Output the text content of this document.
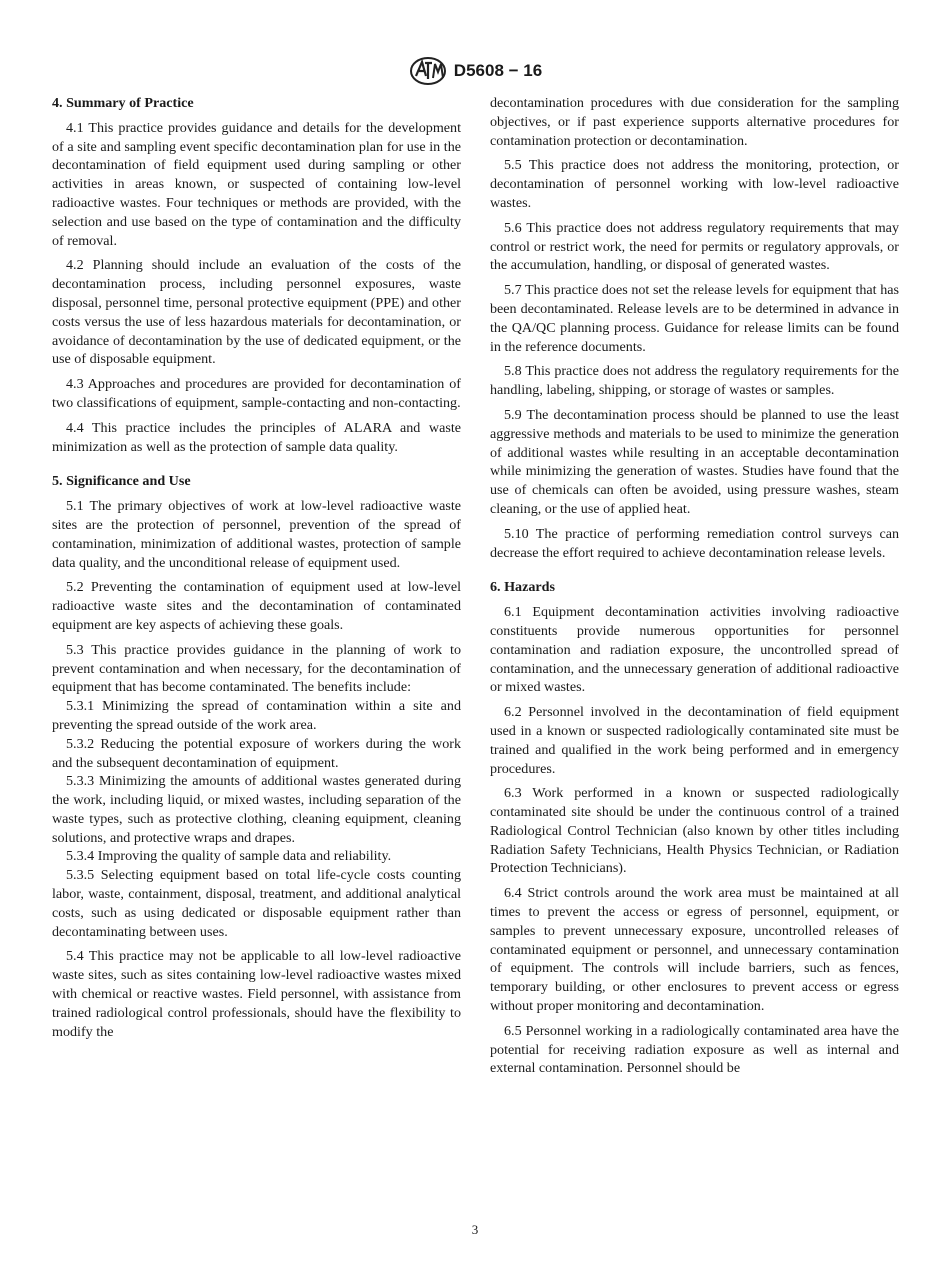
D5608 − 16
4. Summary of Practice

4.1 This practice provides guidance and details for the development of a site and sampling event specific decontamination plan for use in the decontamination of field equipment used during sampling or other activities in areas known, or suspected of containing low-level radioactive wastes. Four techniques or methods are provided, with the selection and use based on the type of contamination and the difficulty of removal.

4.2 Planning should include an evaluation of the costs of the decontamination process, including personnel exposures, waste disposal, personnel time, personal protective equipment (PPE) and other costs versus the use of less hazardous materials for decontamination, or avoidance of decontamination by the use of dedicated equipment, or the use of disposable equipment.

4.3 Approaches and procedures are provided for decontamination of two classifications of equipment, sample-contacting and non-contacting.

4.4 This practice includes the principles of ALARA and waste minimization as well as the protection of sample data quality.

5. Significance and Use

5.1 The primary objectives of work at low-level radioactive waste sites are the protection of personnel, prevention of the spread of contamination, minimization of additional wastes, protection of sample data quality, and the unconditional release of equipment used.

5.2 Preventing the contamination of equipment used at low-level radioactive waste sites and the decontamination of contaminated equipment are key aspects of achieving these goals.

5.3 This practice provides guidance in the planning of work to prevent contamination and when necessary, for the decontamination of equipment that has become contaminated. The benefits include:

5.3.1 Minimizing the spread of contamination within a site and preventing the spread outside of the work area.

5.3.2 Reducing the potential exposure of workers during the work and the subsequent decontamination of equipment.

5.3.3 Minimizing the amounts of additional wastes generated during the work, including liquid, or mixed wastes, including separation of the waste types, such as protective clothing, cleaning equipment, cleaning solutions, and protective wraps and drapes.

5.3.4 Improving the quality of sample data and reliability.

5.3.5 Selecting equipment based on total life-cycle costs counting labor, waste, containment, disposal, treatment, and additional analytical costs, such as using dedicated or disposable equipment rather than decontaminating between uses.

5.4 This practice may not be applicable to all low-level radioactive waste sites, such as sites containing low-level radioactive wastes mixed with chemical or reactive wastes. Field personnel, with assistance from trained radiological control professionals, should have the flexibility to modify the

decontamination procedures with due consideration for the sampling objectives, or if past experience supports alternative procedures for contamination protection or decontamination.

5.5 This practice does not address the monitoring, protection, or decontamination of personnel working with low-level radioactive wastes.

5.6 This practice does not address regulatory requirements that may control or restrict work, the need for permits or regulatory approvals, or the accumulation, handling, or disposal of generated wastes.

5.7 This practice does not set the release levels for equipment that has been decontaminated. Release levels are to be determined in advance in the QA/QC planning process. Guidance for release limits can be found in the reference documents.

5.8 This practice does not address the regulatory requirements for the handling, labeling, shipping, or storage of wastes or samples.

5.9 The decontamination process should be planned to use the least aggressive methods and materials to be used to minimize the generation of additional wastes while resulting in an acceptable decontamination while minimizing the generation of wastes. Studies have found that the use of chemicals can often be avoided, using pressure washes, steam cleaning, or the use of applied heat.

5.10 The practice of performing remediation control surveys can decrease the effort required to achieve decontamination release levels.

6. Hazards

6.1 Equipment decontamination activities involving radioactive constituents provide numerous opportunities for personnel contamination and radiation exposure, the uncontrolled spread of contamination, and the unnecessary generation of additional radioactive or mixed wastes.

6.2 Personnel involved in the decontamination of field equipment used in a known or suspected radiologically contaminated site must be trained and qualified in the work being performed and in emergency procedures.

6.3 Work performed in a known or suspected radiologically contaminated site should be under the continuous control of a trained Radiological Control Technician (also known by other titles including Radiation Safety Technicians, Health Physics Technician, or Radiation Protection Technicians).

6.4 Strict controls around the work area must be maintained at all times to prevent the access or egress of personnel, equipment, or samples to prevent unnecessary exposure, uncontrolled releases of contaminated equipment or personnel, and unnecessary contamination of equipment. The controls will include barriers, such as fences, temporary building, or other enclosures to prevent access or egress without proper monitoring and decontamination.

6.5 Personnel working in a radiologically contaminated area have the potential for receiving radiation exposure as well as internal and external contamination. Personnel should be

3
